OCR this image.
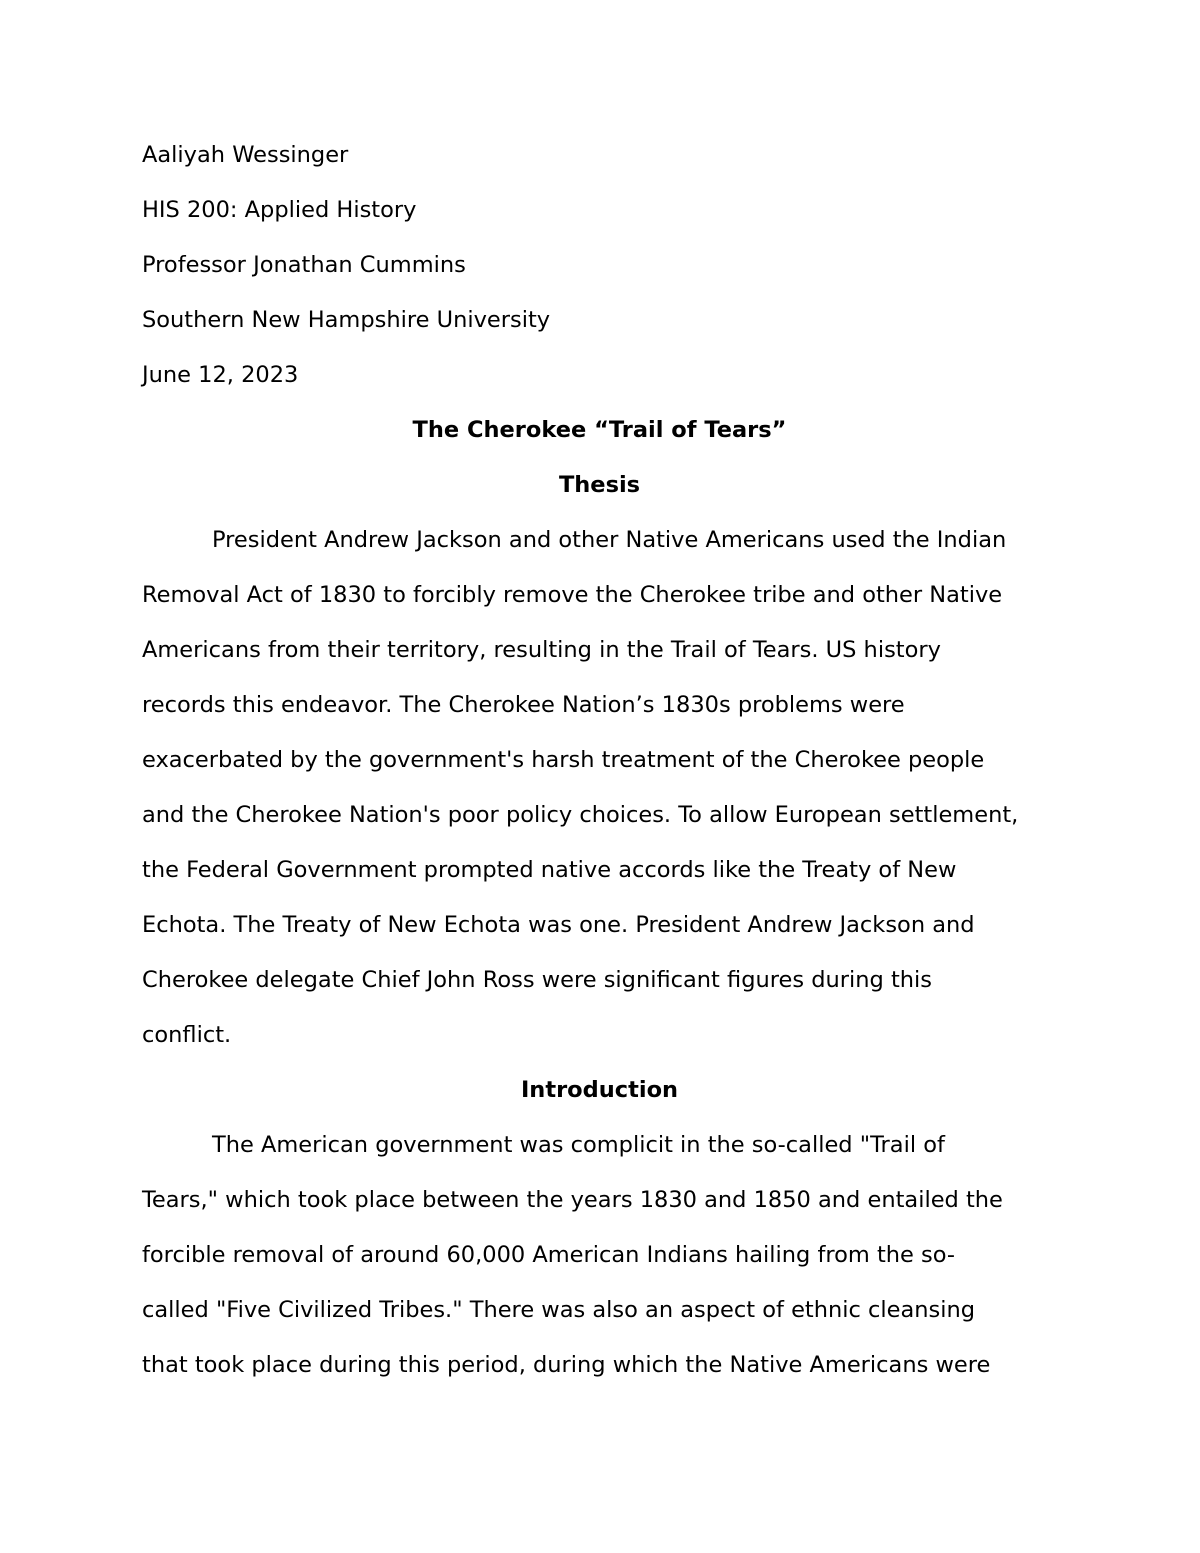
Aaliyah Wessinger

HIS 200: Applied History

Professor Jonathan Cummins

Southern New Hampshire University

June 12, 2023

The Cherokee “Trail of Tears”

Thesis

President Andrew Jackson and other Native Americans used the Indian
Removal Act of 1830 to forcibly remove the Cherokee tribe and other Native
Americans from their territory, resulting in the Trail of Tears. US history
records this endeavor. The Cherokee Nation’s 1830s problems were
exacerbated by the government's harsh treatment of the Cherokee people
and the Cherokee Nation's poor policy choices. To allow European settlement,
the Federal Government prompted native accords like the Treaty of New
Echota. The Treaty of New Echota was one. President Andrew Jackson and
Cherokee delegate Chief John Ross were significant figures during this
conflict.

Introduction

The American government was complicit in the so-called "Trail of
Tears," which took place between the years 1830 and 1850 and entailed the
forcible removal of around 60,000 American Indians hailing from the so-
called "Five Civilized Tribes." There was also an aspect of ethnic cleansing
that took place during this period, during which the Native Americans were
